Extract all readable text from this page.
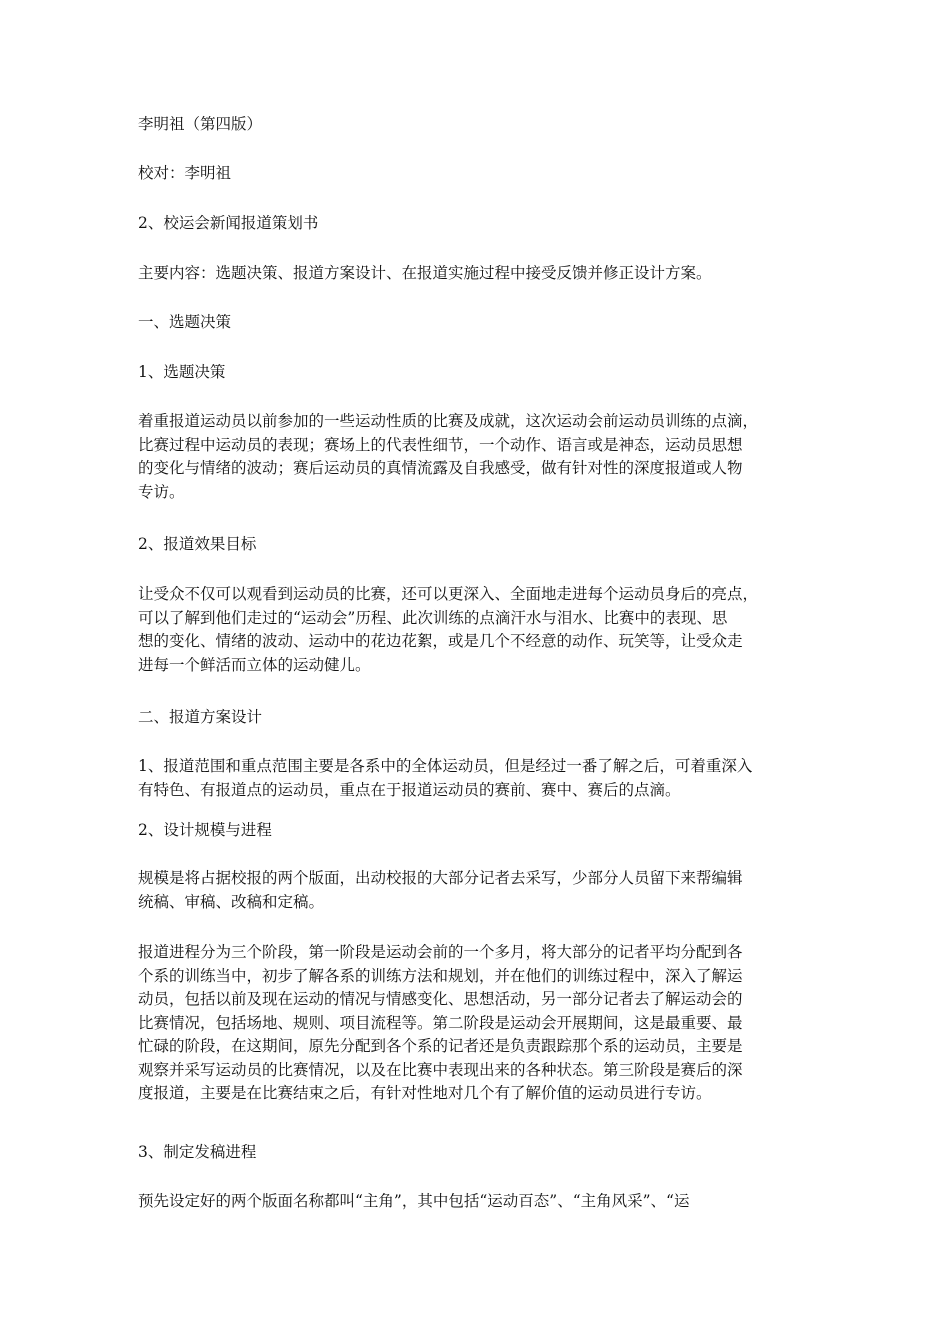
李明祖（第四版）

校对：李明祖

2、校运会新闻报道策划书

主要内容：选题决策、报道方案设计、在报道实施过程中接受反馈并修正设计方案。

一、选题决策

1、选题决策

着重报道运动员以前参加的一些运动性质的比赛及成就，这次运动会前运动员训练的点滴，
比赛过程中运动员的表现；赛场上的代表性细节，一个动作、语言或是神态，运动员思想
的变化与情绪的波动；赛后运动员的真情流露及自我感受，做有针对性的深度报道或人物
专访。

2、报道效果目标

让受众不仅可以观看到运动员的比赛，还可以更深入、全面地走进每个运动员身后的亮点，
可以了解到他们走过的“运动会”历程、此次训练的点滴汗水与泪水、比赛中的表现、思
想的变化、情绪的波动、运动中的花边花絮，或是几个不经意的动作、玩笑等，让受众走
进每一个鲜活而立体的运动健儿。

二、报道方案设计

1、报道范围和重点范围主要是各系中的全体运动员，但是经过一番了解之后，可着重深入
有特色、有报道点的运动员，重点在于报道运动员的赛前、赛中、赛后的点滴。

2、设计规模与进程

规模是将占据校报的两个版面，出动校报的大部分记者去采写，少部分人员留下来帮编辑
统稿、审稿、改稿和定稿。

报道进程分为三个阶段，第一阶段是运动会前的一个多月，将大部分的记者平均分配到各
个系的训练当中，初步了解各系的训练方法和规划，并在他们的训练过程中，深入了解运
动员，包括以前及现在运动的情况与情感变化、思想活动，另一部分记者去了解运动会的
比赛情况，包括场地、规则、项目流程等。第二阶段是运动会开展期间，这是最重要、最
忙碌的阶段，在这期间，原先分配到各个系的记者还是负责跟踪那个系的运动员，主要是
观察并采写运动员的比赛情况，以及在比赛中表现出来的各种状态。第三阶段是赛后的深
度报道，主要是在比赛结束之后，有针对性地对几个有了解价值的运动员进行专访。

3、制定发稿进程

预先设定好的两个版面名称都叫“主角”，其中包括“运动百态”、“主角风采”、“运
